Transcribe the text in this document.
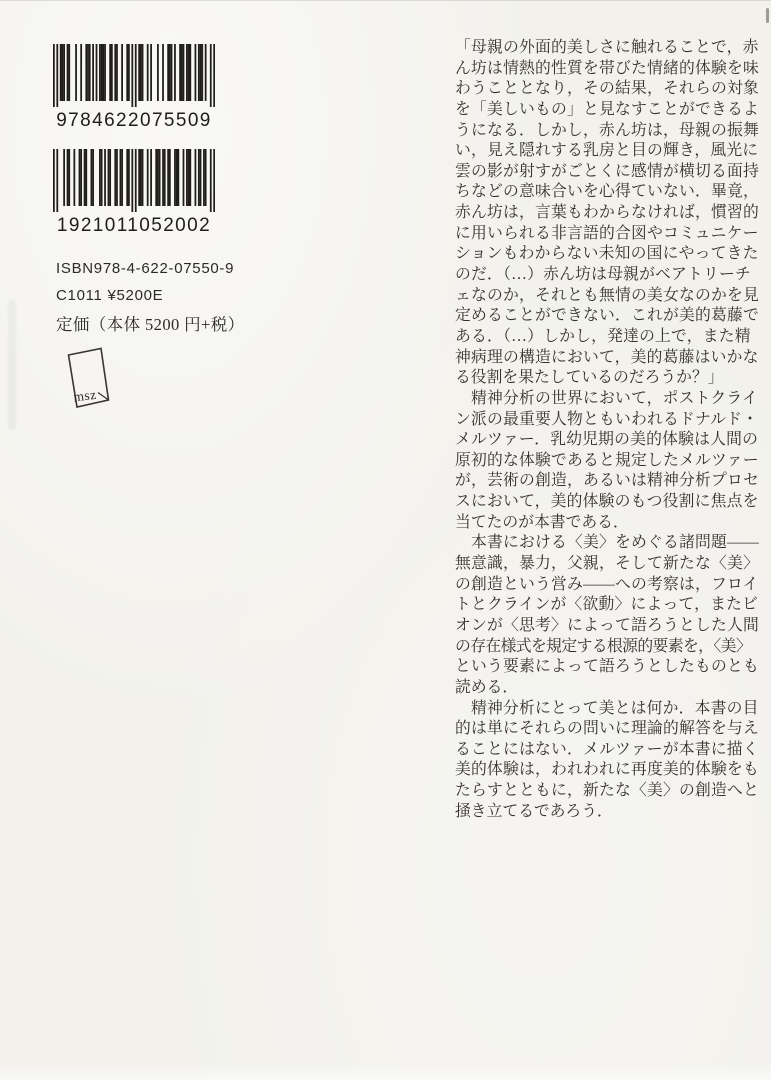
9784622075509
1921011052002
ISBN978-4-622-07550-9
C1011 ¥5200E
定価（本体 5200 円+税）
msz
「母親の外面的美しさに触れることで，赤
ん坊は情熱的性質を帯びた情緒的体験を味
わうこととなり，その結果，それらの対象
を「美しいもの」と見なすことができるよ
うになる．しかし，赤ん坊は，母親の振舞
い，見え隠れする乳房と目の輝き，風光に
雲の影が射すがごとくに感情が横切る面持
ちなどの意味合いを心得ていない．畢竟，
赤ん坊は，言葉もわからなければ，慣習的
に用いられる非言語的合図やコミュニケー
ションもわからない未知の国にやってきた
のだ．（…）赤ん坊は母親がベアトリーチ
ェなのか，それとも無情の美女なのかを見
定めることができない．これが美的葛藤で
ある．（…）しかし，発達の上で，また精
神病理の構造において，美的葛藤はいかな
る役割を果たしているのだろうか？」
　精神分析の世界において，ポストクライ
ン派の最重要人物ともいわれるドナルド・
メルツァー．乳幼児期の美的体験は人間の
原初的な体験であると規定したメルツァー
が，芸術の創造，あるいは精神分析プロセ
スにおいて，美的体験のもつ役割に焦点を
当てたのが本書である．
　本書における〈美〉をめぐる諸問題——
無意識，暴力，父親，そして新たな〈美〉
の創造という営み——への考察は，フロイ
トとクラインが〈欲動〉によって，またビ
オンが〈思考〉によって語ろうとした人間
の存在様式を規定する根源的要素を，〈美〉
という要素によって語ろうとしたものとも
読める．
　精神分析にとって美とは何か．本書の目
的は単にそれらの問いに理論的解答を与え
ることにはない．メルツァーが本書に描く
美的体験は，われわれに再度美的体験をも
たらすとともに，新たな〈美〉の創造へと
掻き立てるであろう．
